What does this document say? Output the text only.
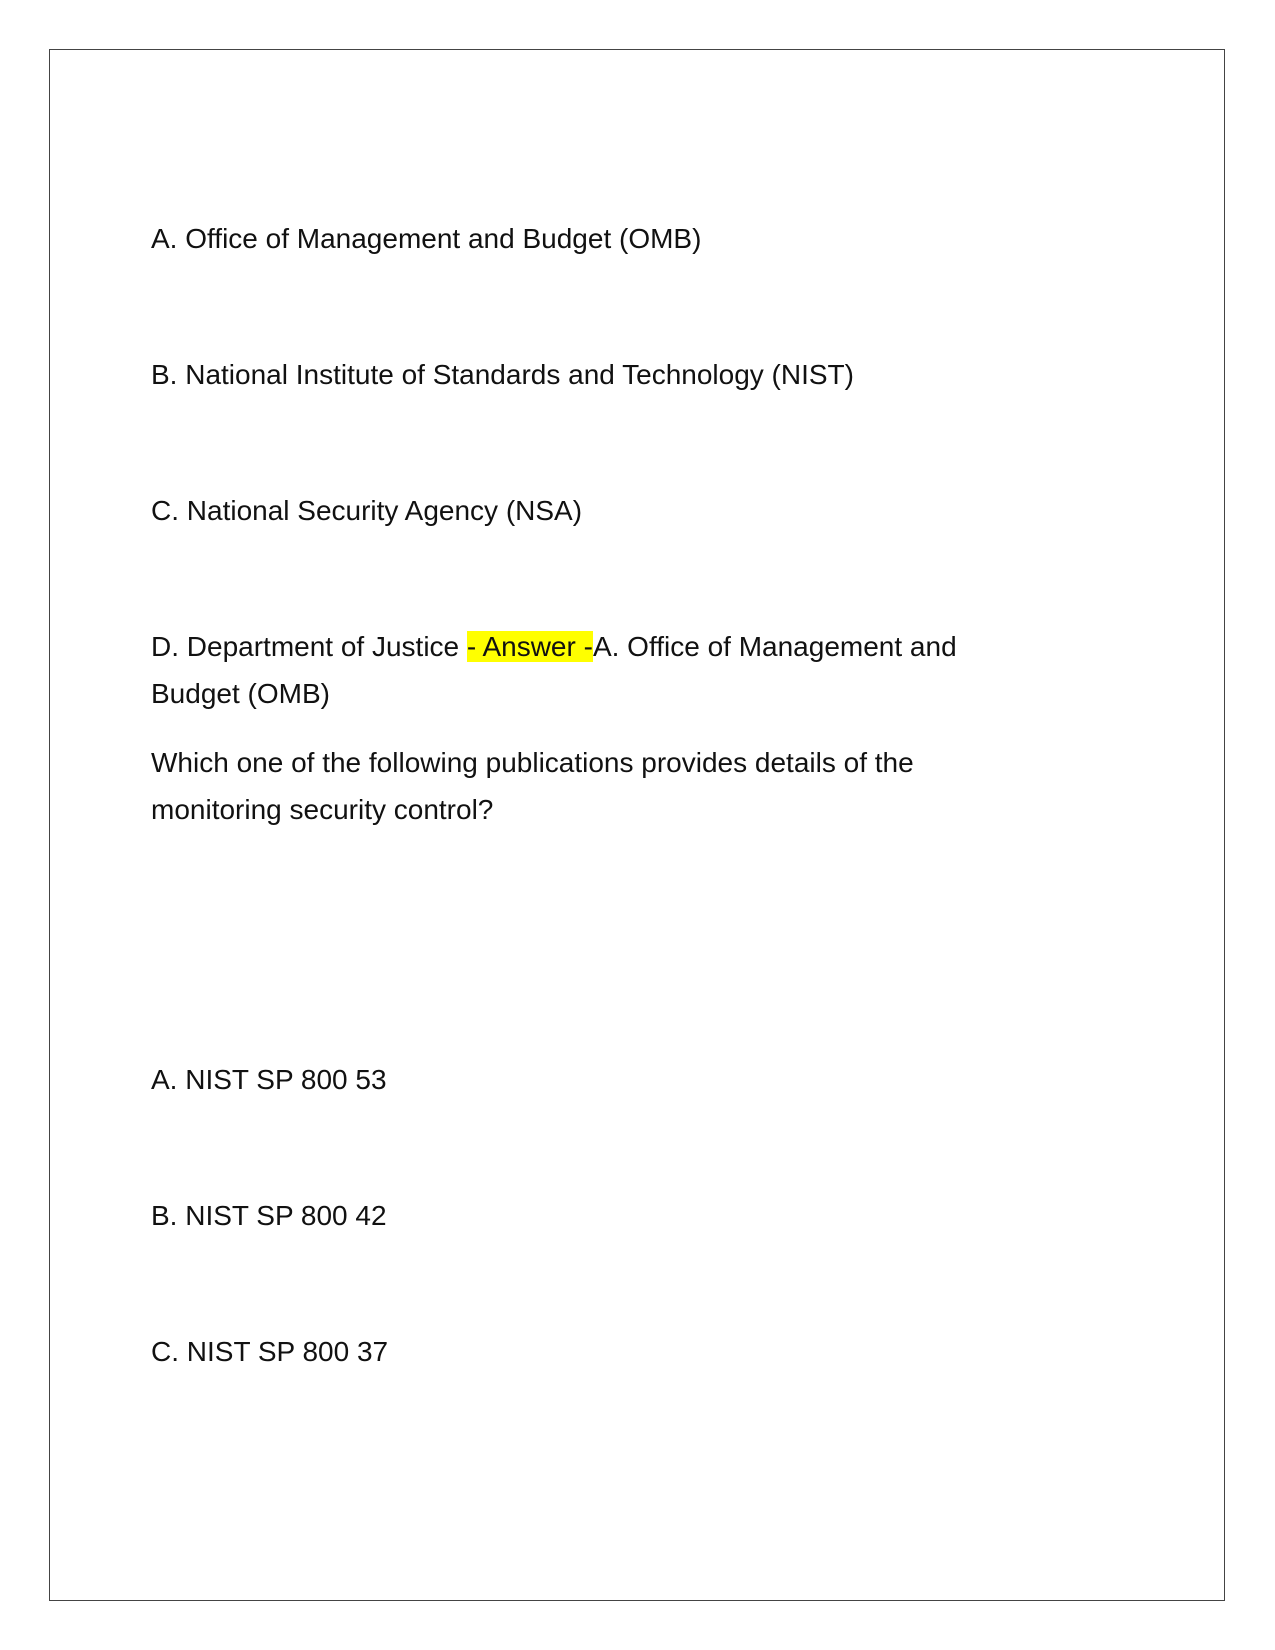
A. Office of Management and Budget (OMB)

B. National Institute of Standards and Technology (NIST)

C. National Security Agency (NSA)

D. Department of Justice - Answer -A. Office of Management and

Budget (OMB)

Which one of the following publications provides details of the

monitoring security control?

A. NIST SP 800 53

B. NIST SP 800 42

C. NIST SP 800 37
